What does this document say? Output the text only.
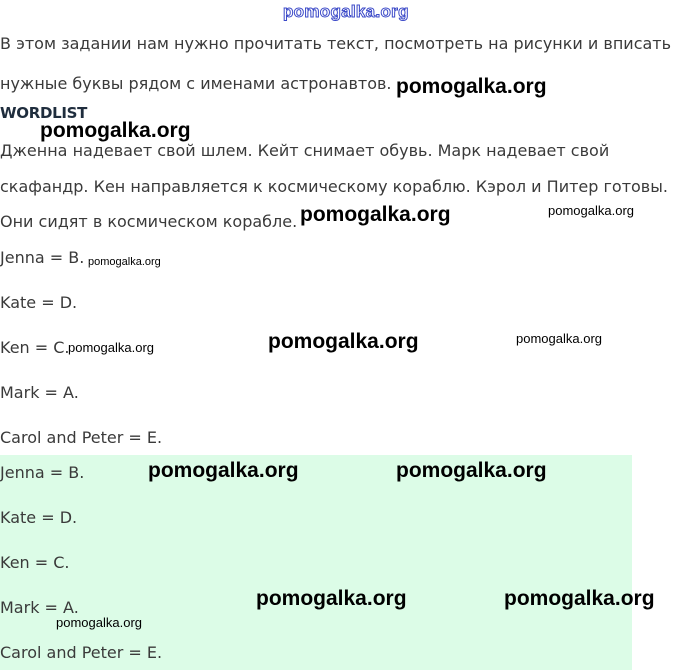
pomogalka.org
В этом задании нам нужно прочитать текст, посмотреть на рисунки и вписать
нужные буквы рядом с именами астронавтов.
WORDLIST
Дженна надевает свой шлем. Кейт снимает обувь. Марк надевает свой
скафандр. Кен направляется к космическому кораблю. Кэрол и Питер готовы.
Они сидят в космическом корабле.
Jenna = B.
Kate = D.
Ken = C.
Mark = A.
Carol and Peter = E.
Jenna = B.
Kate = D.
Ken = C.
Mark = A.
Carol and Peter = E.
pomogalka.org
pomogalka.org
pomogalka.org	pomogalka.org
pomogalka.org
pomogalka.org	pomogalka.org	pomogalka.org
pomogalka.org	pomogalka.org
pomogalka.org	pomogalka.org
pomogalka.org
